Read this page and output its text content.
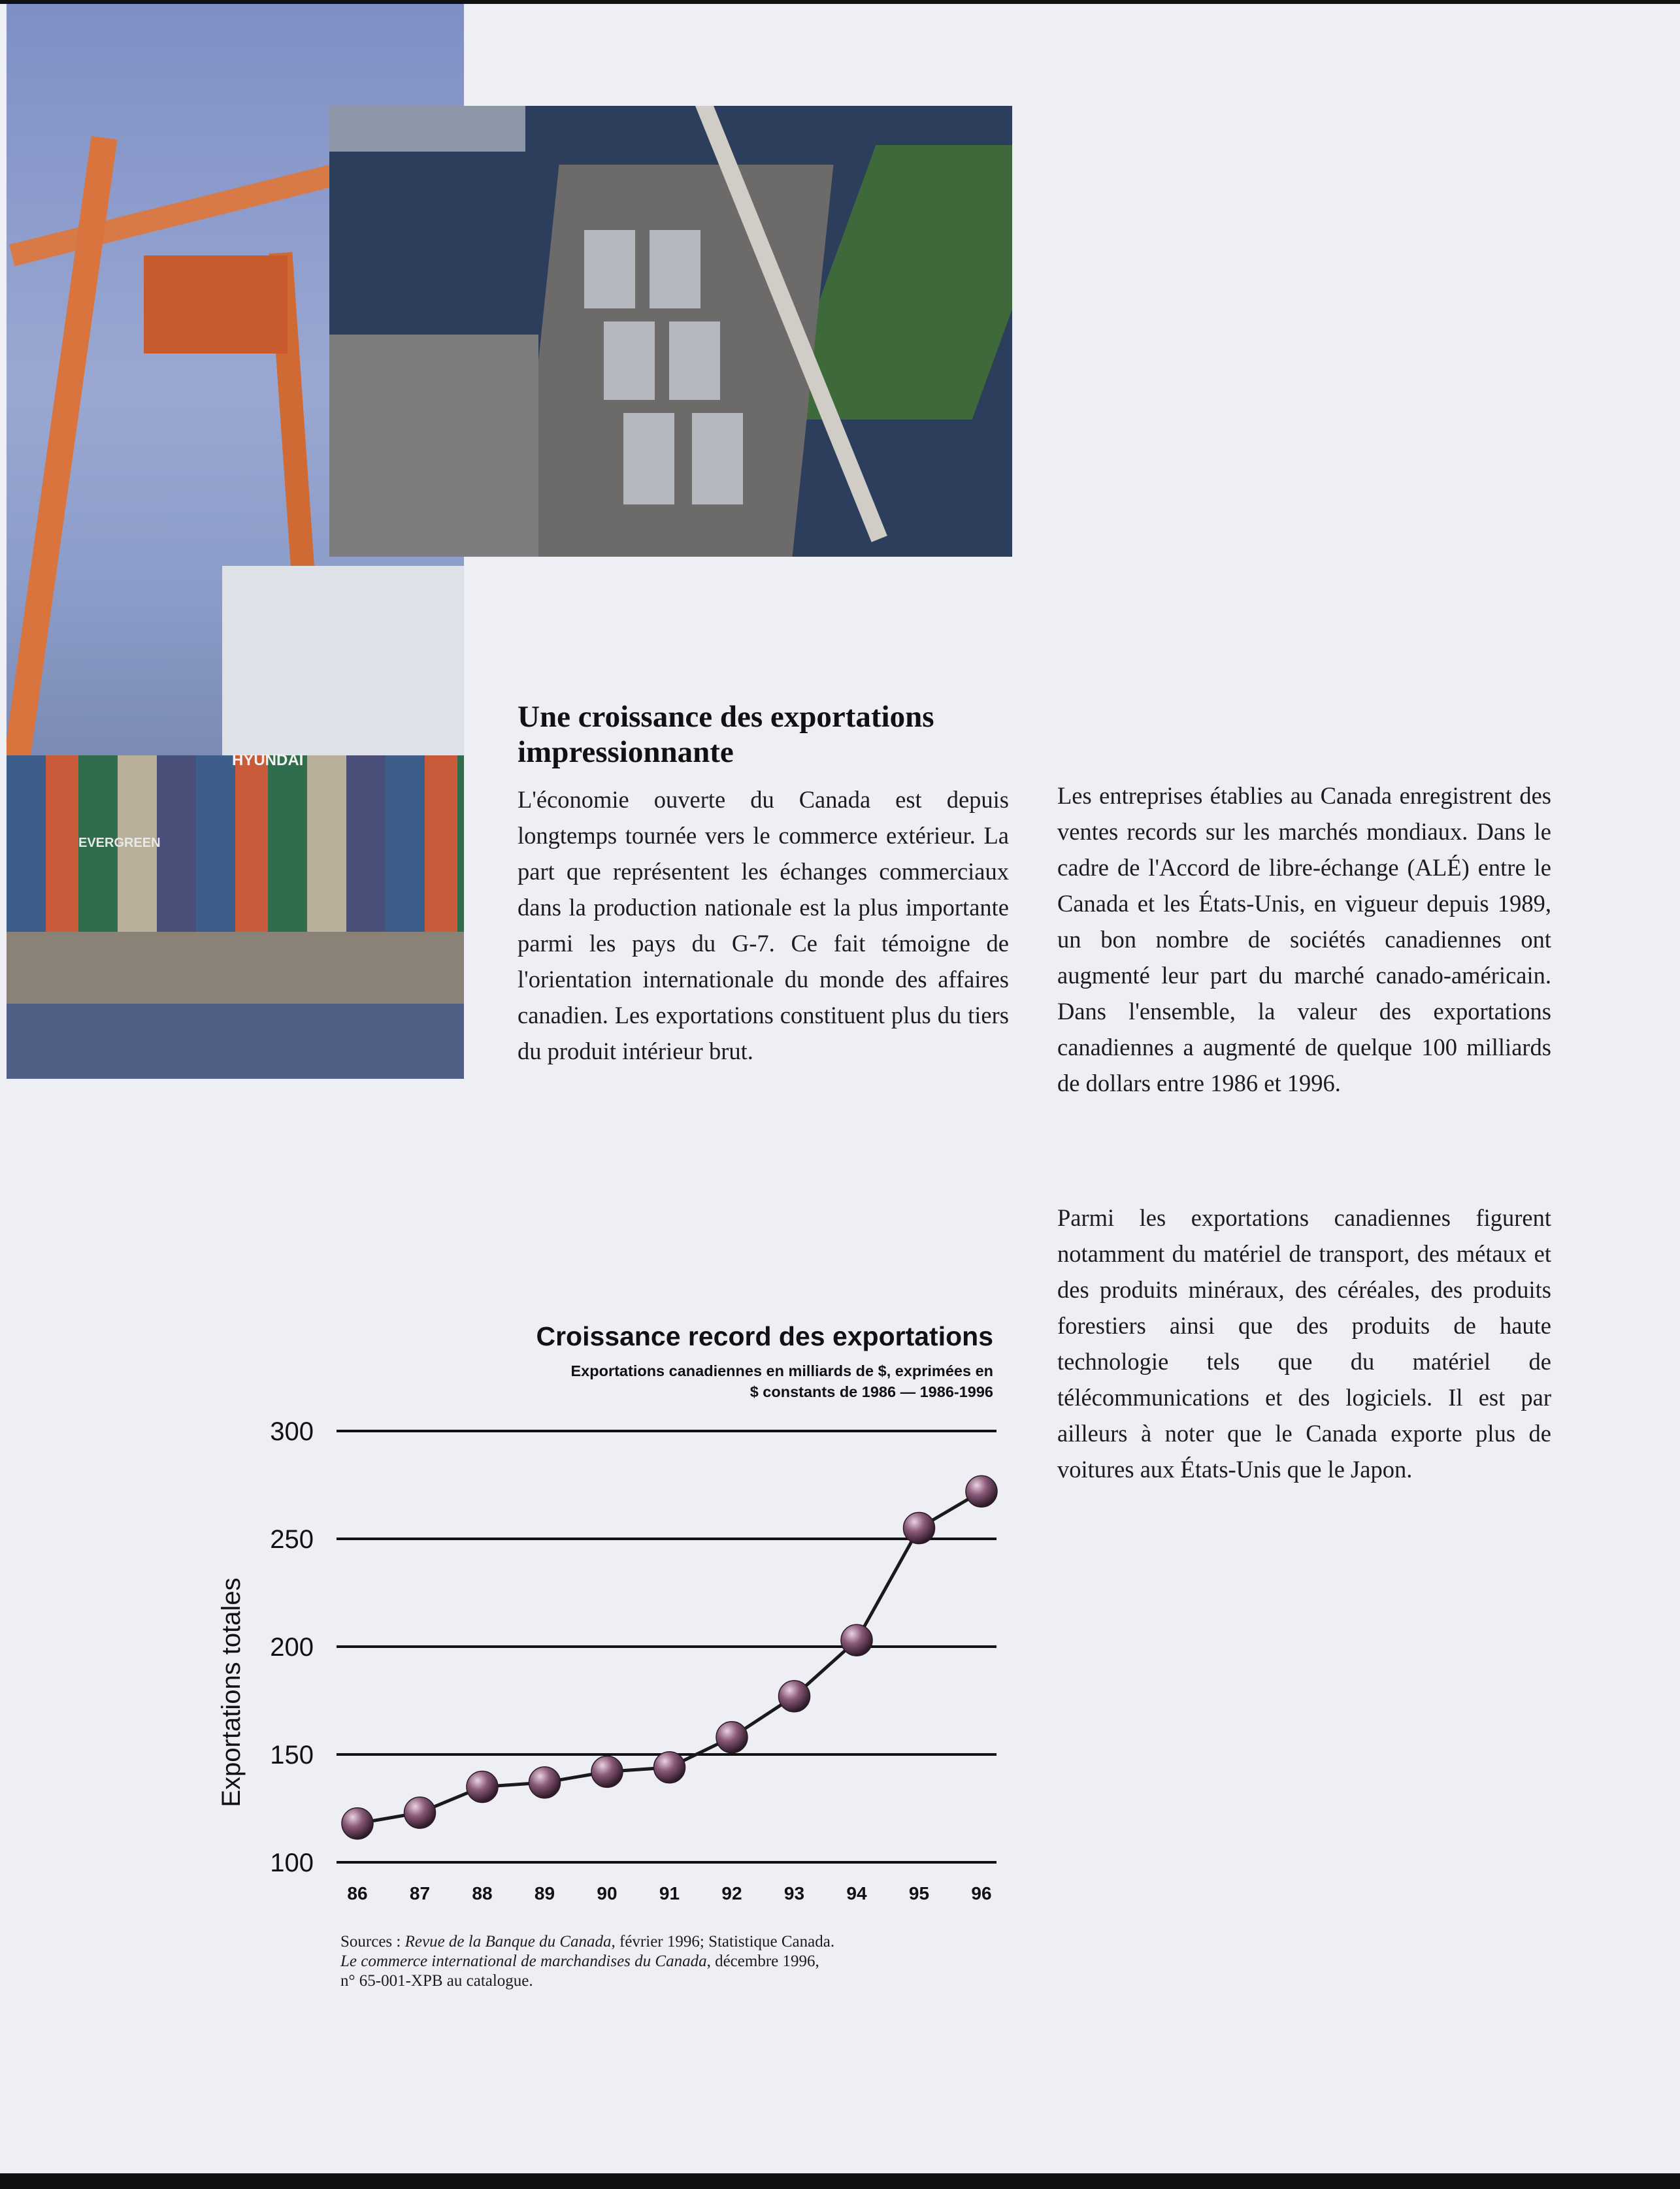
HYUNDAI
EVERGREEN
Une croissance des exportations impressionnante

L'économie ouverte du Canada est depuis longtemps tournée vers le commerce extérieur. La part que représentent les échanges commerciaux dans la production nationale est la plus importante parmi les pays du G-7. Ce fait témoigne de l'orientation internationale du monde des affaires canadien. Les exportations constituent plus du tiers du produit intérieur brut.

Les entreprises établies au Canada enregistrent des ventes records sur les marchés mondiaux. Dans le cadre de l'Accord de libre-échange (ALÉ) entre le Canada et les États-Unis, en vigueur depuis 1989, un bon nombre de sociétés canadiennes ont augmenté leur part du marché canado-américain. Dans l'ensemble, la valeur des exportations canadiennes a augmenté de quelque 100 milliards de dollars entre 1986 et 1996.

Parmi les exportations canadiennes figurent notamment du matériel de transport, des métaux et des produits minéraux, des céréales, des produits forestiers ainsi que des produits de haute technologie tels que du matériel de télécommunications et des logiciels. Il est par ailleurs à noter que le Canada exporte plus de voitures aux États-Unis que le Japon.

Croissance record des exportations
Exportations canadiennes en milliards de $, exprimées en
$ constants de 1986 — 1986-1996
300
250
200
150
100
86 87 88 89 90 91 92 93 94 95 96
Exportations totales
Sources : Revue de la Banque du Canada, février 1996; Statistique Canada.
Le commerce international de marchandises du Canada, décembre 1996,
n° 65-001-XPB au catalogue.
